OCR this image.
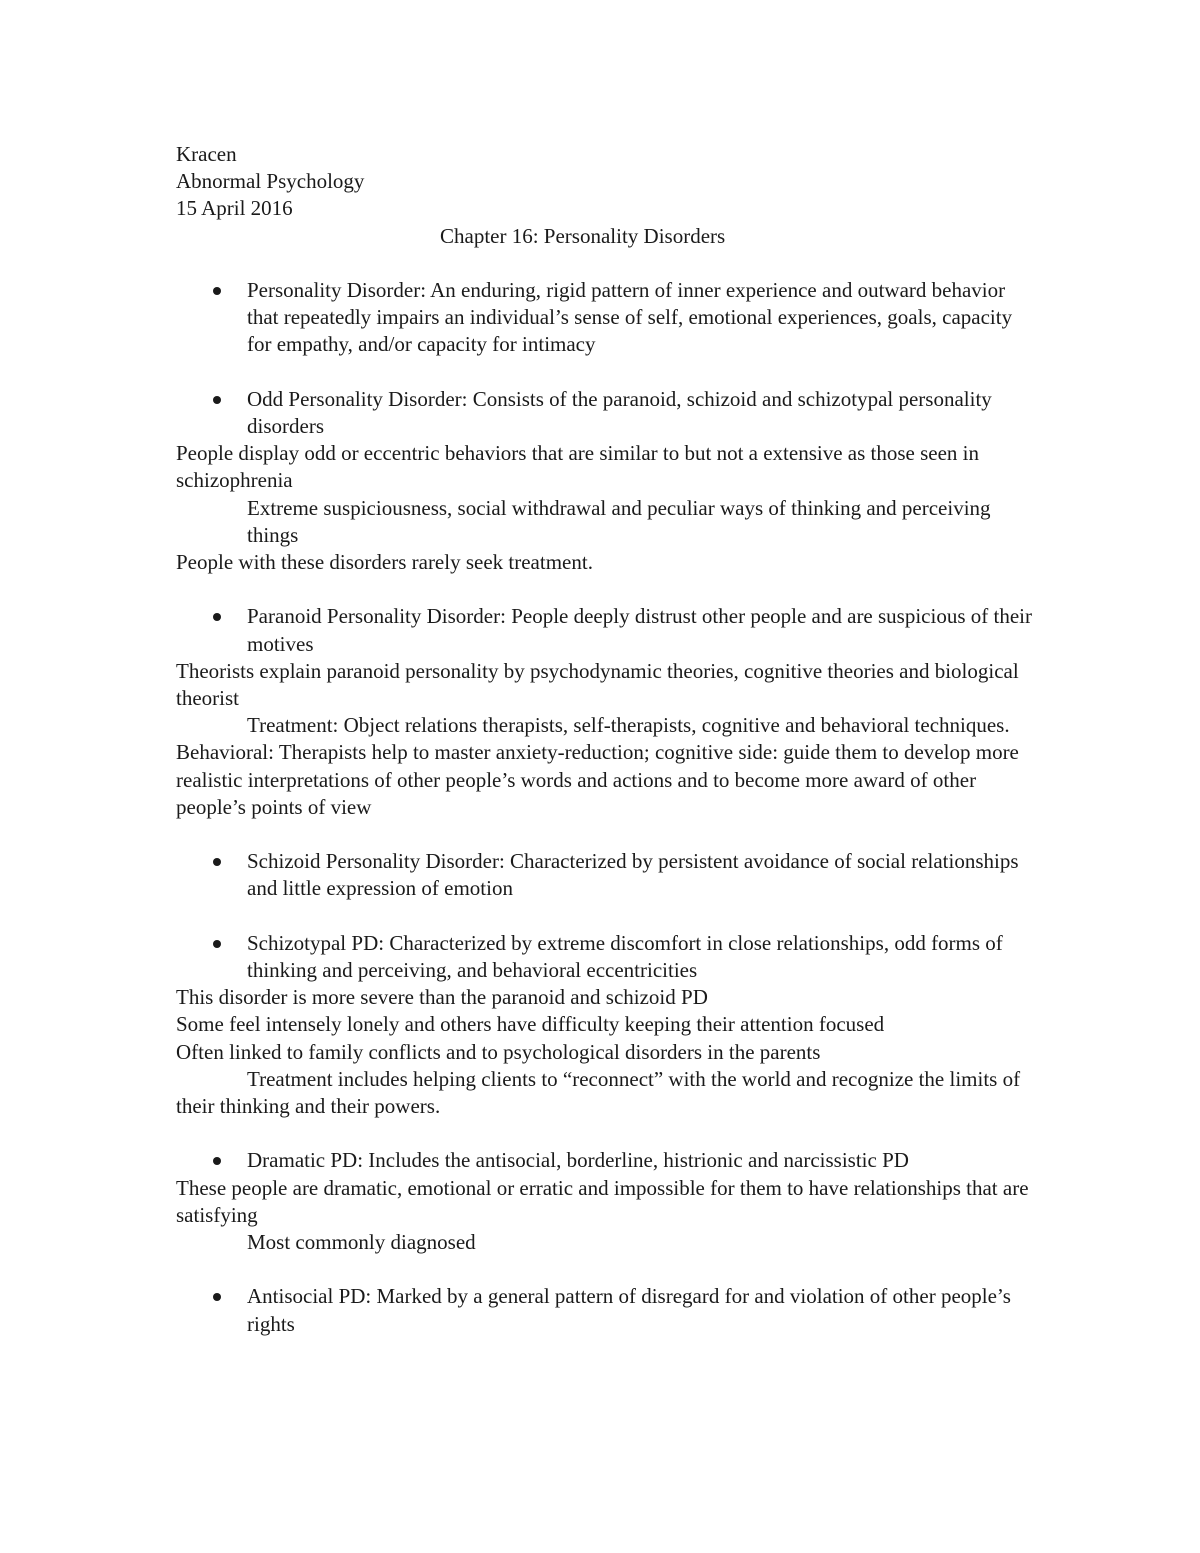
Kracen
Abnormal Psychology
15 April 2016
Chapter 16: Personality Disorders
Personality Disorder: An enduring, rigid pattern of inner experience and outward behavior that repeatedly impairs an individual’s sense of self, emotional experiences, goals, capacity for empathy, and/or capacity for intimacy
Odd Personality Disorder: Consists of the paranoid, schizoid and schizotypal personality disorders
People display odd or eccentric behaviors that are similar to but not a extensive as those seen in schizophrenia
Extreme suspiciousness, social withdrawal and peculiar ways of thinking and perceiving things
People with these disorders rarely seek treatment.
Paranoid Personality Disorder: People deeply distrust other people and are suspicious of their motives
Theorists explain paranoid personality by psychodynamic theories, cognitive theories and biological theorist
Treatment: Object relations therapists, self-therapists, cognitive and behavioral techniques.
Behavioral: Therapists help to master anxiety-reduction; cognitive side: guide them to develop more realistic interpretations of other people’s words and actions and to become more award of other people’s points of view
Schizoid Personality Disorder: Characterized by persistent avoidance of social relationships and little expression of emotion
Schizotypal PD: Characterized by extreme discomfort in close relationships, odd forms of thinking and perceiving, and behavioral eccentricities
This disorder is more severe than the paranoid and schizoid PD
Some feel intensely lonely and others have difficulty keeping their attention focused
Often linked to family conflicts and to psychological disorders in the parents
Treatment includes helping clients to “reconnect” with the world and recognize the limits of their thinking and their powers.
Dramatic PD: Includes the antisocial, borderline, histrionic and narcissistic PD
These people are dramatic, emotional or erratic and impossible for them to have relationships that are satisfying
Most commonly diagnosed
Antisocial PD: Marked by a general pattern of disregard for and violation of other people’s rights
